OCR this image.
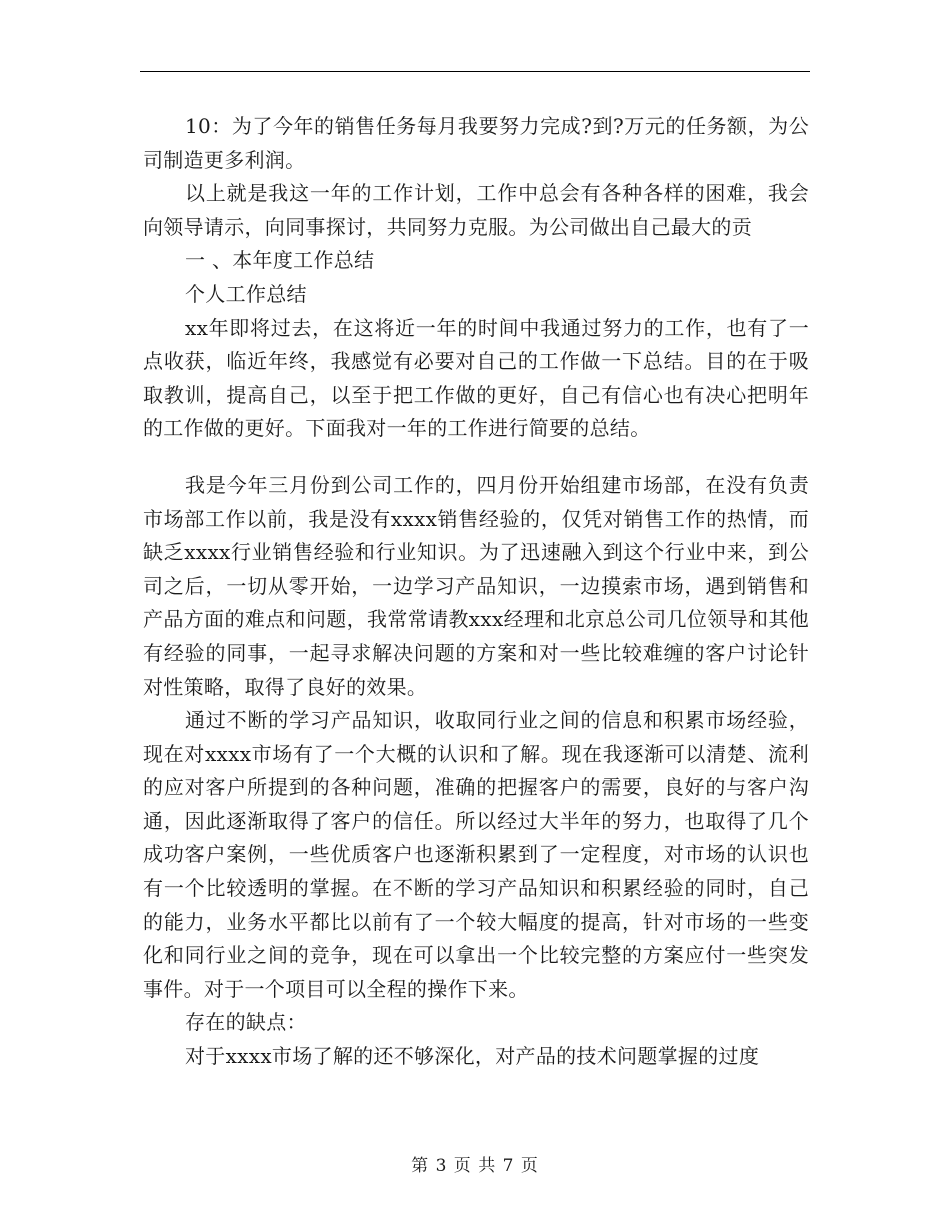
10：为了今年的销售任务每月我要努力完成?到?万元的任务额，为公司制造更多利润。

以上就是我这一年的工作计划，工作中总会有各种各样的困难，我会向领导请示，向同事探讨，共同努力克服。为公司做出自己最大的贡

一 、本年度工作总结

个人工作总结

xx年即将过去，在这将近一年的时间中我通过努力的工作，也有了一点收获，临近年终，我感觉有必要对自己的工作做一下总结。目的在于吸取教训，提高自己，以至于把工作做的更好，自己有信心也有决心把明年的工作做的更好。下面我对一年的工作进行简要的总结。

我是今年三月份到公司工作的，四月份开始组建市场部，在没有负责市场部工作以前，我是没有xxxx销售经验的，仅凭对销售工作的热情，而缺乏xxxx行业销售经验和行业知识。为了迅速融入到这个行业中来，到公司之后，一切从零开始，一边学习产品知识，一边摸索市场，遇到销售和产品方面的难点和问题，我常常请教xxx经理和北京总公司几位领导和其他有经验的同事，一起寻求解决问题的方案和对一些比较难缠的客户讨论针对性策略，取得了良好的效果。

通过不断的学习产品知识，收取同行业之间的信息和积累市场经验，现在对xxxx市场有了一个大概的认识和了解。现在我逐渐可以清楚、流利的应对客户所提到的各种问题，准确的把握客户的需要，良好的与客户沟通，因此逐渐取得了客户的信任。所以经过大半年的努力，也取得了几个成功客户案例，一些优质客户也逐渐积累到了一定程度，对市场的认识也有一个比较透明的掌握。在不断的学习产品知识和积累经验的同时，自己的能力，业务水平都比以前有了一个较大幅度的提高，针对市场的一些变化和同行业之间的竞争，现在可以拿出一个比较完整的方案应付一些突发事件。对于一个项目可以全程的操作下来。

存在的缺点：

对于xxxx市场了解的还不够深化，对产品的技术问题掌握的过度

第 3 页 共 7 页
